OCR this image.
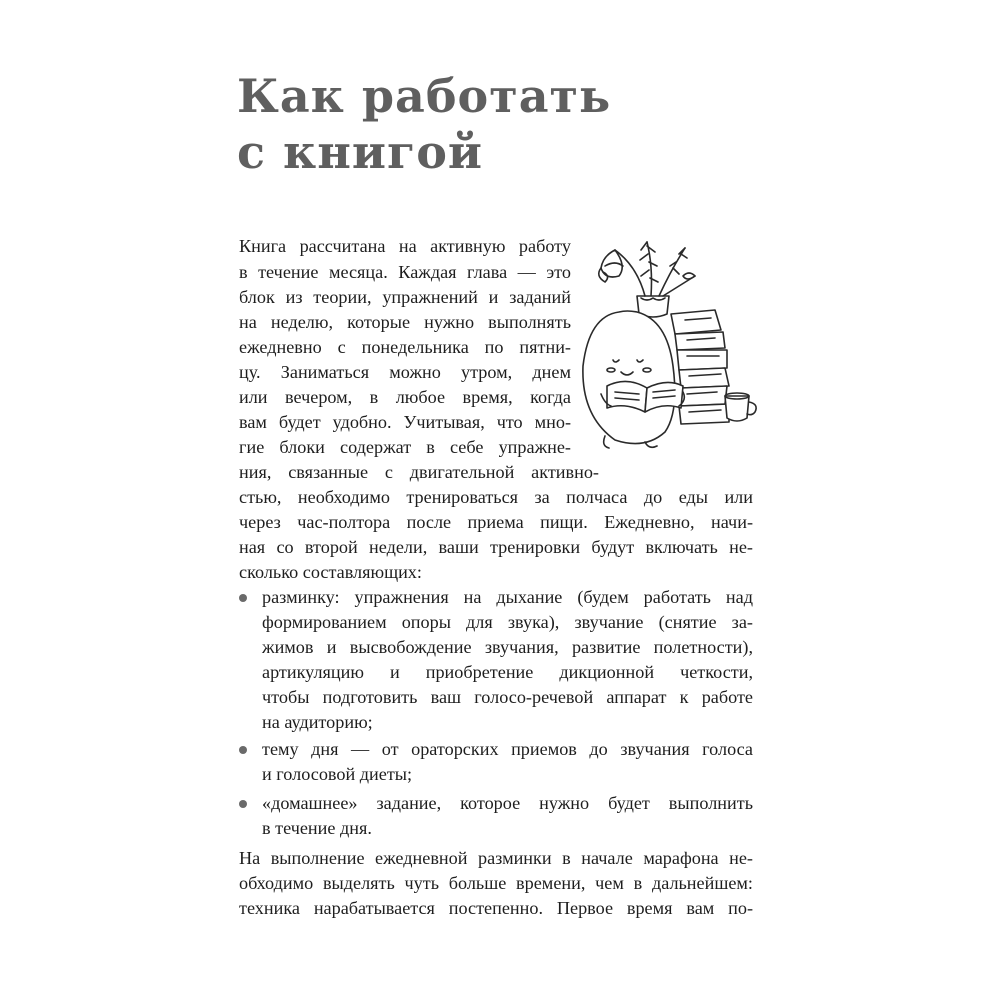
Как работать
с книгой
Книга рассчитана на активную работу
в течение месяца. Каждая глава — это
блок из теории, упражнений и заданий
на неделю, которые нужно выполнять
ежедневно с понедельника по пятни-
цу. Заниматься можно утром, днем
или вечером, в любое время, когда
вам будет удобно. Учитывая, что мно-
гие блоки содержат в себе упражне-
ния, связанные с двигательной активно-
стью, необходимо тренироваться за полчаса до еды или
через час-полтора после приема пищи. Ежедневно, начи-
ная со второй недели, ваши тренировки будут включать не-
сколько составляющих:
разминку: упражнения на дыхание (будем работать над
формированием опоры для звука), звучание (снятие за-
жимов и высвобождение звучания, развитие полетности),
артикуляцию и приобретение дикционной четкости,
чтобы подготовить ваш голосо-речевой аппарат к работе
на аудиторию;
тему дня — от ораторских приемов до звучания голоса
и голосовой диеты;
«домашнее» задание, которое нужно будет выполнить
в течение дня.
На выполнение ежедневной разминки в начале марафона не-
обходимо выделять чуть больше времени, чем в дальнейшем:
техника нарабатывается постепенно. Первое время вам по-
